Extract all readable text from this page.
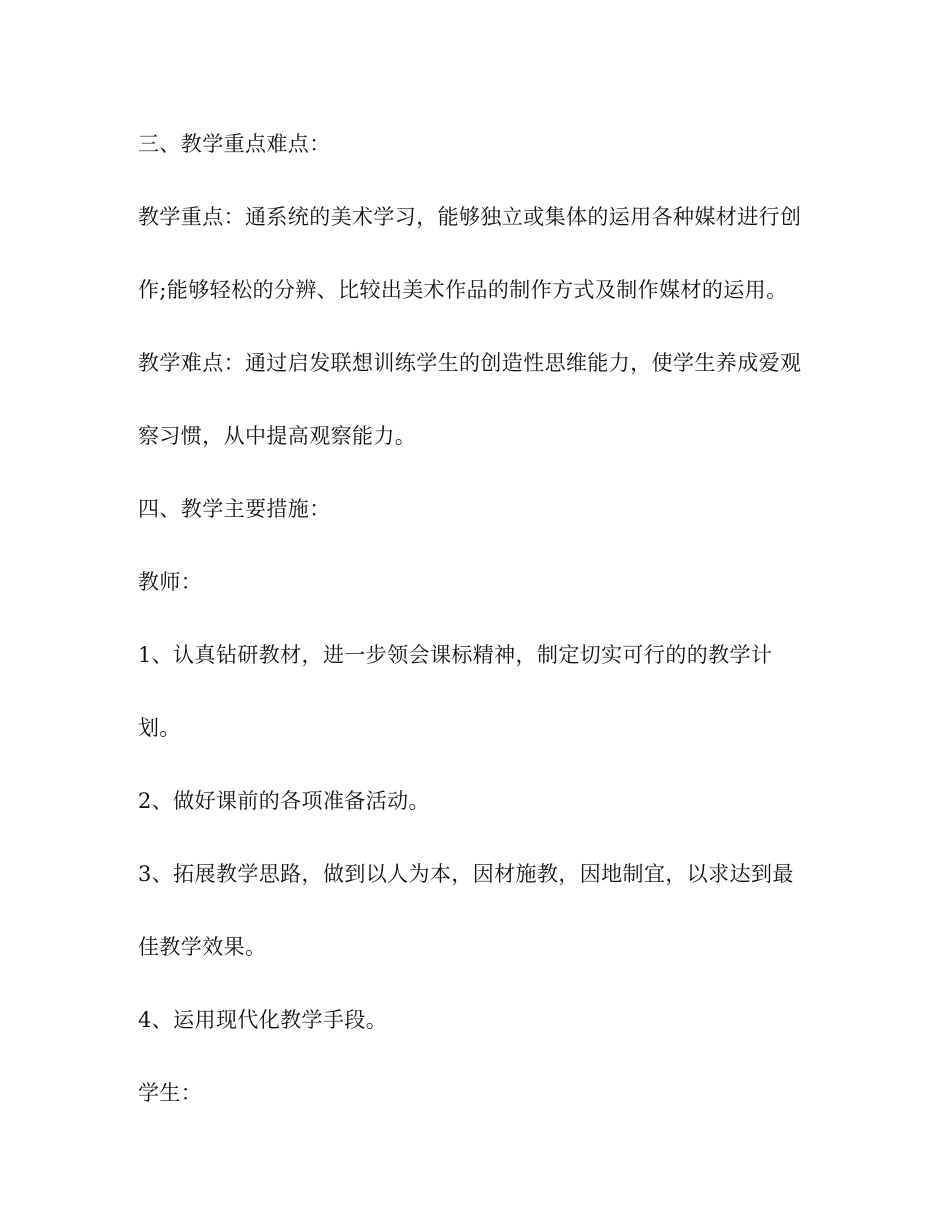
三、教学重点难点：
教学重点：通系统的美术学习，能够独立或集体的运用各种媒材进行创
作;能够轻松的分辨、比较出美术作品的制作方式及制作媒材的运用。
教学难点：通过启发联想训练学生的创造性思维能力，使学生养成爱观
察习惯，从中提高观察能力。
四、教学主要措施：
教师：
1、认真钻研教材，进一步领会课标精神，制定切实可行的的教学计
划。
2、做好课前的各项准备活动。
3、拓展教学思路，做到以人为本，因材施教，因地制宜，以求达到最
佳教学效果。
4、运用现代化教学手段。
学生：
